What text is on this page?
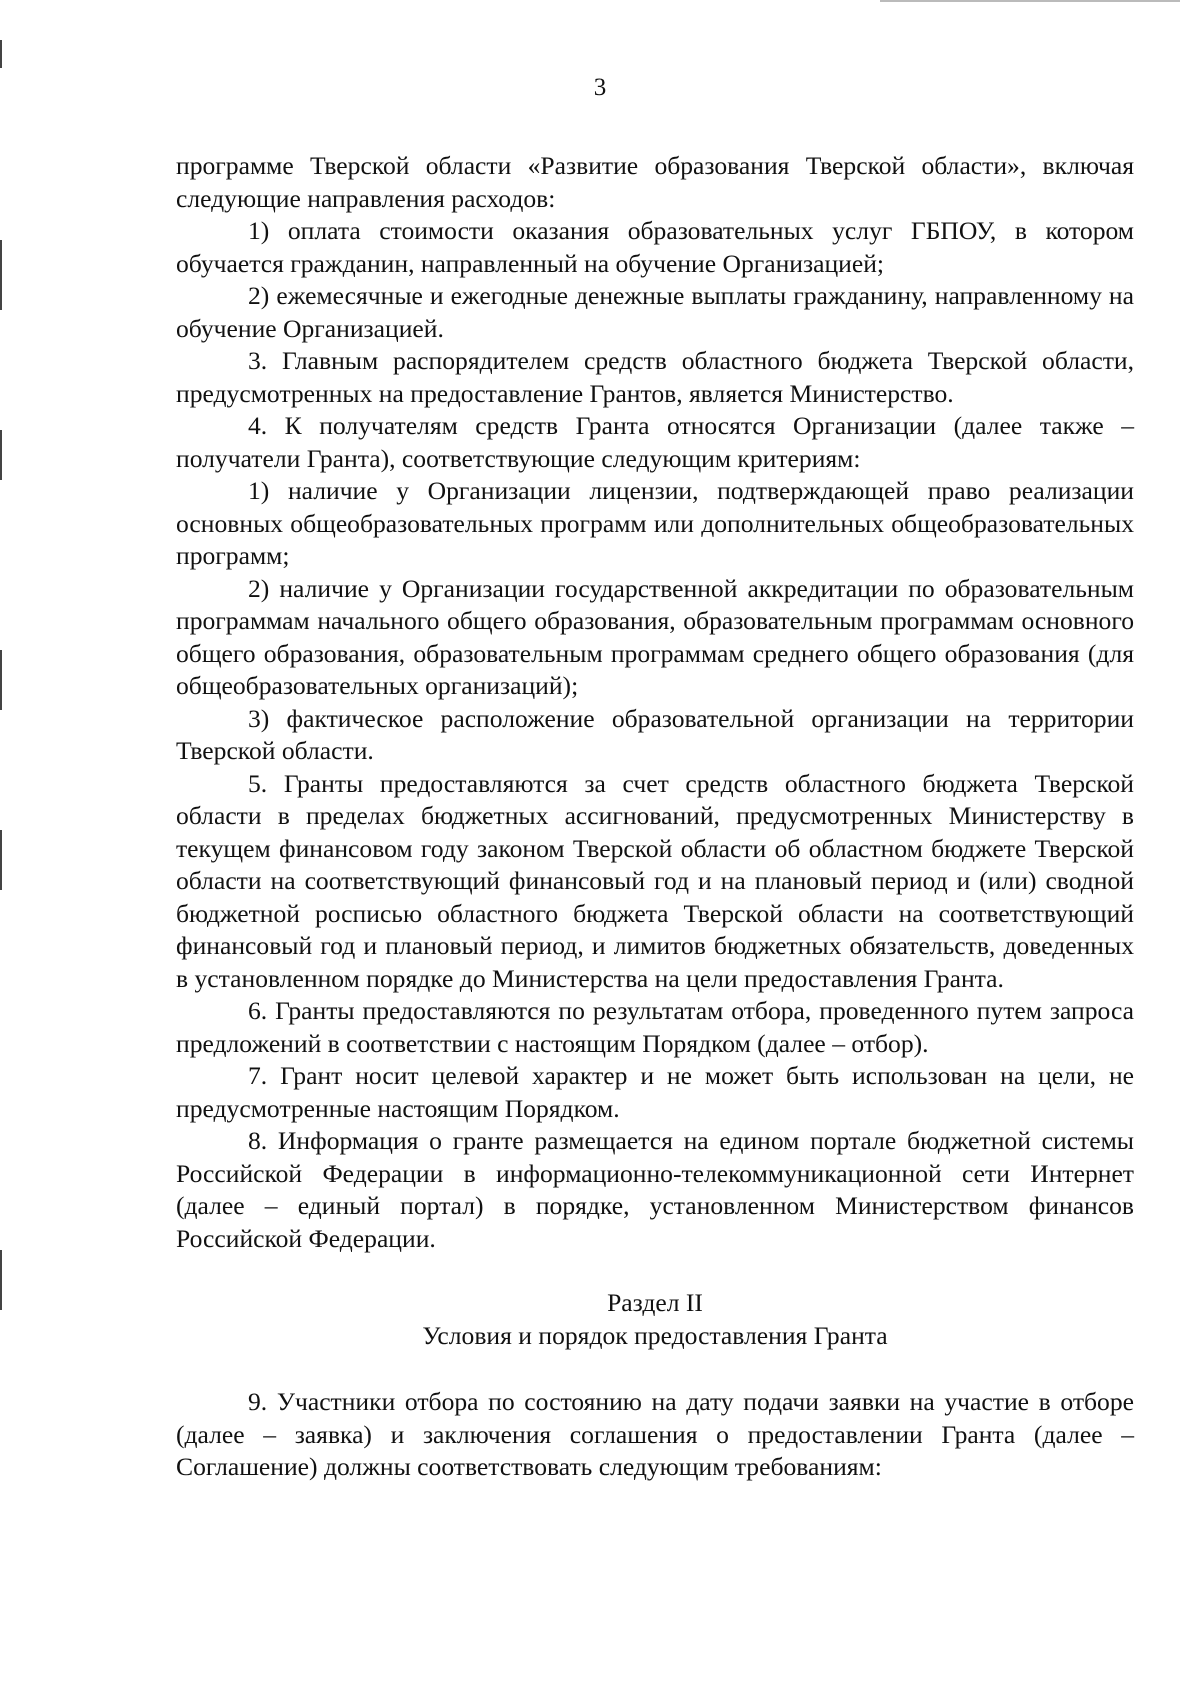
3

программе Тверской области «Развитие образования Тверской области», включая следующие направления расходов:

1) оплата стоимости оказания образовательных услуг ГБПОУ, в котором обучается гражданин, направленный на обучение Организацией;

2) ежемесячные и ежегодные денежные выплаты гражданину, направленному на обучение Организацией.

3. Главным распорядителем средств областного бюджета Тверской области, предусмотренных на предоставление Грантов, является Министерство.

4. К получателям средств Гранта относятся Организации (далее также – получатели Гранта), соответствующие следующим критериям:

1) наличие у Организации лицензии, подтверждающей право реализации основных общеобразовательных программ или дополнительных общеобразовательных программ;

2) наличие у Организации государственной аккредитации по образовательным программам начального общего образования, образовательным программам основного общего образования, образовательным программам среднего общего образования (для общеобразовательных организаций);

3) фактическое расположение образовательной организации на территории Тверской области.

5. Гранты предоставляются за счет средств областного бюджета Тверской области в пределах бюджетных ассигнований, предусмотренных Министерству в текущем финансовом году законом Тверской области об областном бюджете Тверской области на соответствующий финансовый год и на плановый период и (или) сводной бюджетной росписью областного бюджета Тверской области на соответствующий финансовый год и плановый период, и лимитов бюджетных обязательств, доведенных в установленном порядке до Министерства на цели предоставления Гранта.

6. Гранты предоставляются по результатам отбора, проведенного путем запроса предложений в соответствии с настоящим Порядком (далее – отбор).

7. Грант носит целевой характер и не может быть использован на цели, не предусмотренные настоящим Порядком.

8. Информация о гранте размещается на едином портале бюджетной системы Российской Федерации в информационно-телекоммуникационной сети Интернет (далее – единый портал) в порядке, установленном Министерством финансов Российской Федерации.

Раздел II
Условия и порядок предоставления Гранта

9. Участники отбора по состоянию на дату подачи заявки на участие в отборе (далее – заявка) и заключения соглашения о предоставлении Гранта (далее – Соглашение) должны соответствовать следующим требованиям:
